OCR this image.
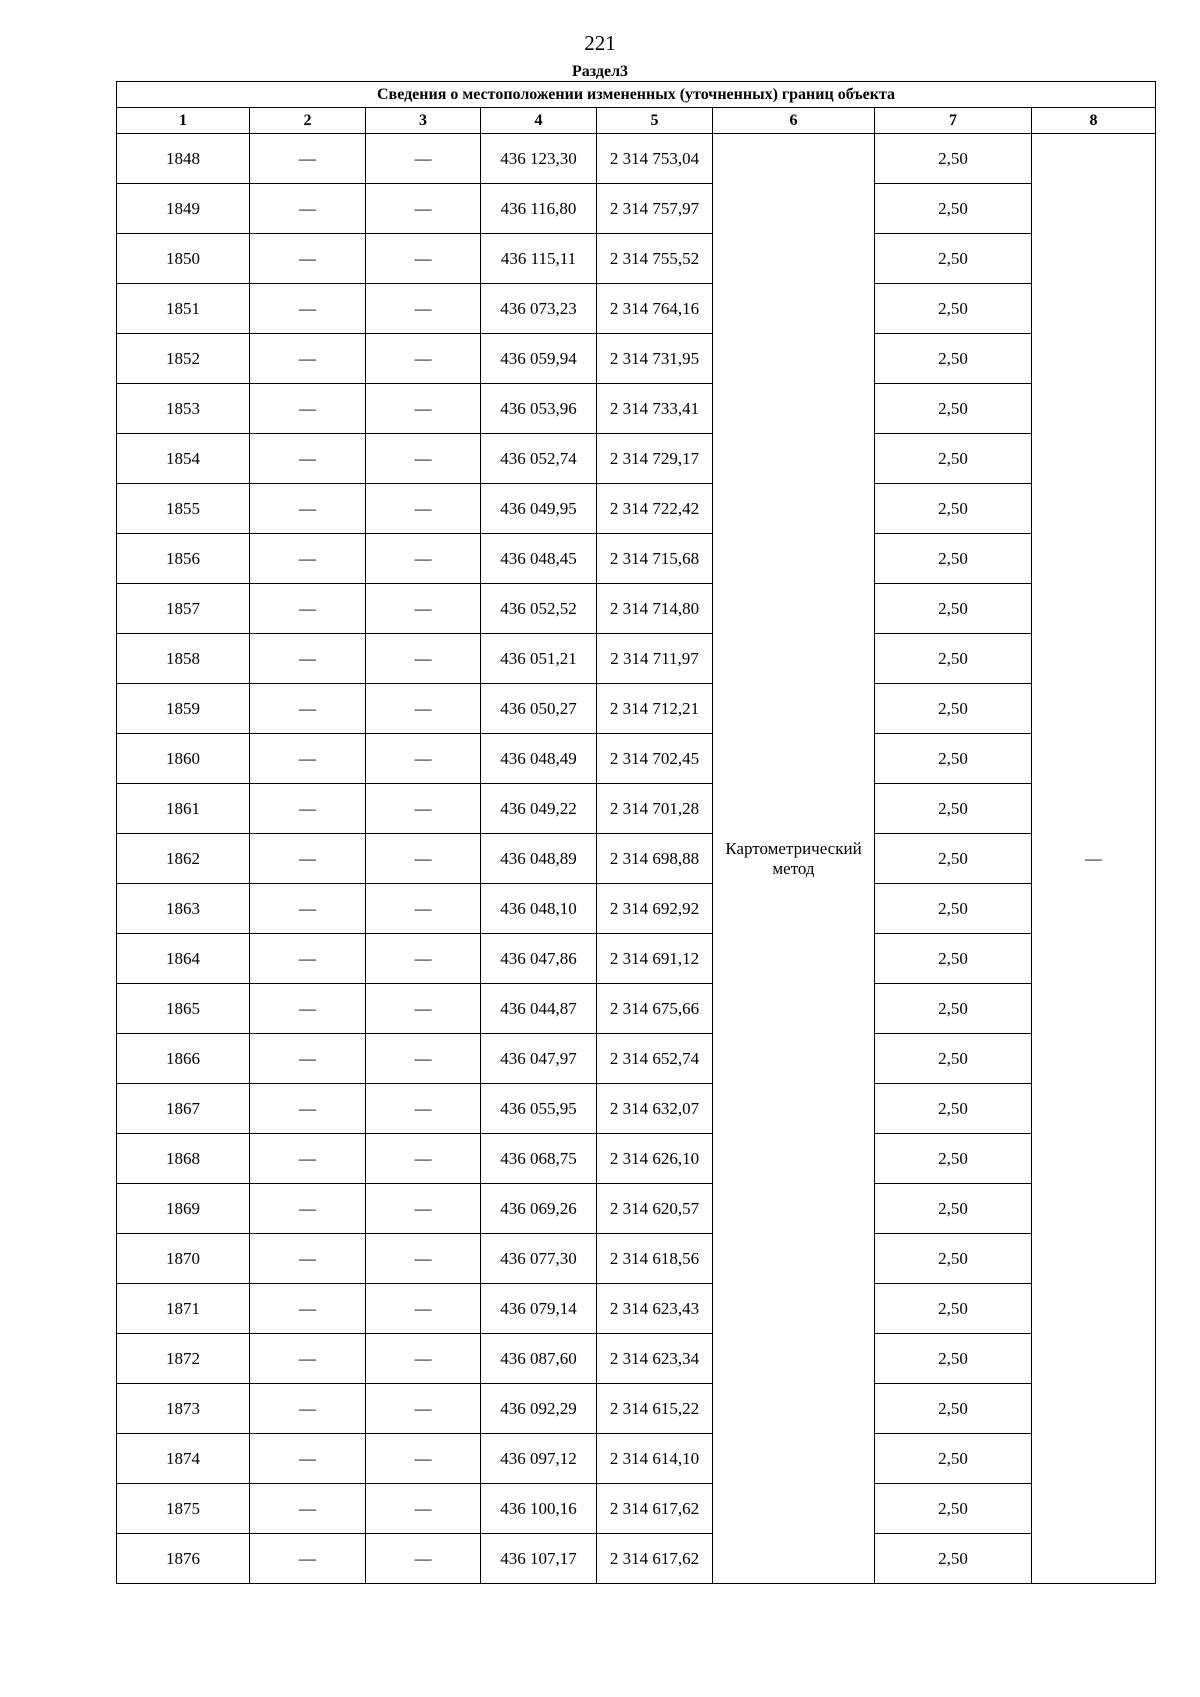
221
Раздел3
Сведения о местоположении измененных (уточненных) границ объекта							
1	2	3	4	5	6	7	8
1848	—	—	436 123,30	2 314 753,04	Картометрический метод	2,50	—
1849	—	—	436 116,80	2 314 757,97		2,50	
1850	—	—	436 115,11	2 314 755,52		2,50	
1851	—	—	436 073,23	2 314 764,16		2,50	
1852	—	—	436 059,94	2 314 731,95		2,50	
1853	—	—	436 053,96	2 314 733,41		2,50	
1854	—	—	436 052,74	2 314 729,17		2,50	
1855	—	—	436 049,95	2 314 722,42		2,50	
1856	—	—	436 048,45	2 314 715,68		2,50	
1857	—	—	436 052,52	2 314 714,80		2,50	
1858	—	—	436 051,21	2 314 711,97		2,50	
1859	—	—	436 050,27	2 314 712,21		2,50	
1860	—	—	436 048,49	2 314 702,45		2,50	
1861	—	—	436 049,22	2 314 701,28		2,50	
1862	—	—	436 048,89	2 314 698,88		2,50	
1863	—	—	436 048,10	2 314 692,92		2,50	
1864	—	—	436 047,86	2 314 691,12		2,50	
1865	—	—	436 044,87	2 314 675,66		2,50	
1866	—	—	436 047,97	2 314 652,74		2,50	
1867	—	—	436 055,95	2 314 632,07		2,50	
1868	—	—	436 068,75	2 314 626,10		2,50	
1869	—	—	436 069,26	2 314 620,57		2,50	
1870	—	—	436 077,30	2 314 618,56		2,50	
1871	—	—	436 079,14	2 314 623,43		2,50	
1872	—	—	436 087,60	2 314 623,34		2,50	
1873	—	—	436 092,29	2 314 615,22		2,50	
1874	—	—	436 097,12	2 314 614,10		2,50	
1875	—	—	436 100,16	2 314 617,62		2,50	
1876	—	—	436 107,17	2 314 617,62		2,50	
